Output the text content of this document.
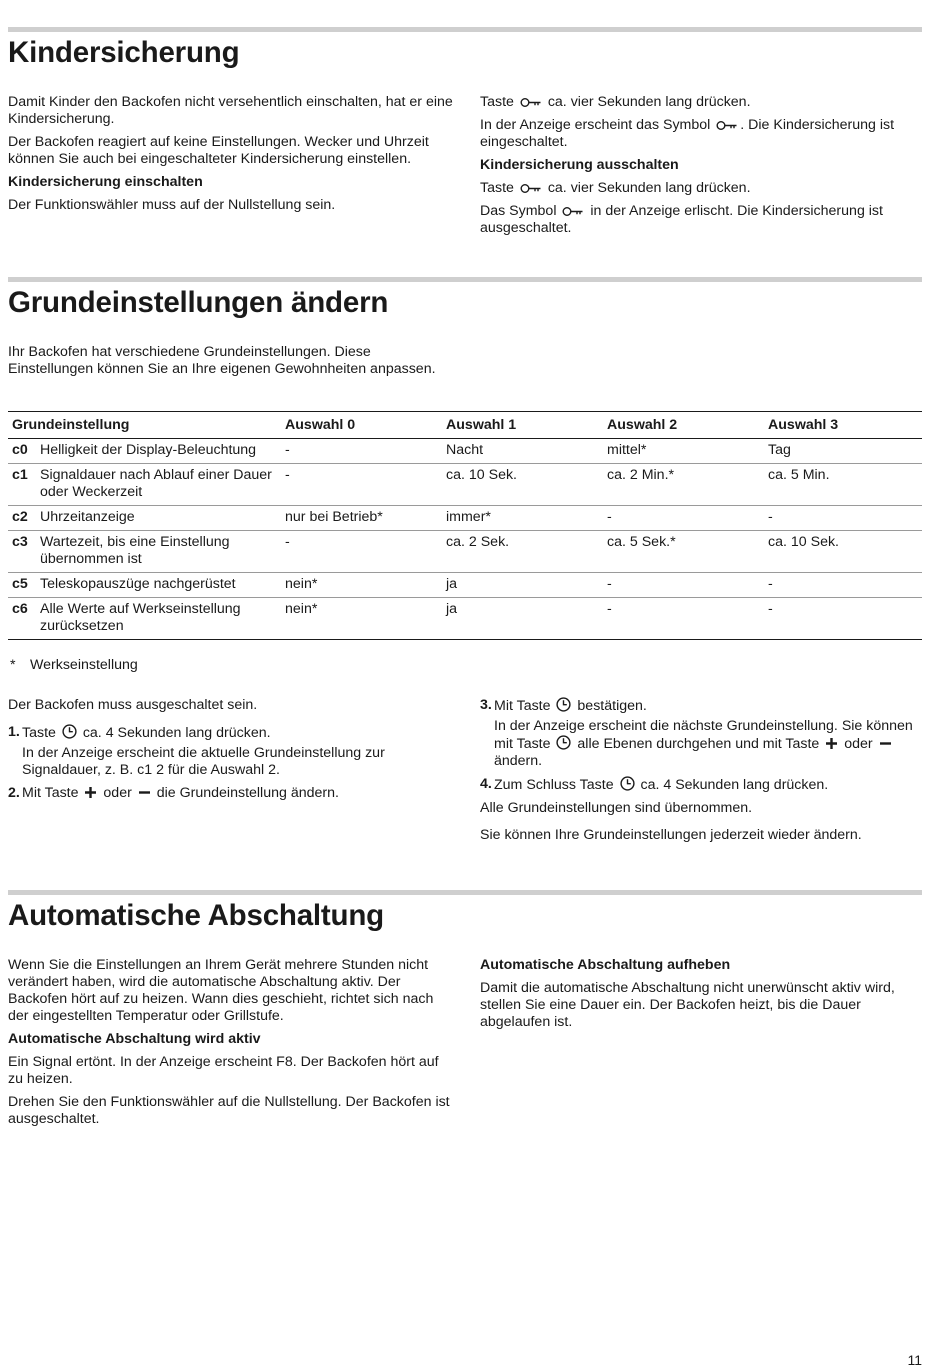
Kindersicherung

Damit Kinder den Backofen nicht versehentlich einschalten, hat er eine Kindersicherung.

Der Backofen reagiert auf keine Einstellungen. Wecker und Uhrzeit können Sie auch bei eingeschalteter Kindersicherung einstellen.

Kindersicherung einschalten

Der Funktionswähler muss auf der Nullstellung sein.

Taste ca. vier Sekunden lang drücken.

In der Anzeige erscheint das Symbol . Die Kindersicherung ist eingeschaltet.

Kindersicherung ausschalten

Taste ca. vier Sekunden lang drücken.

Das Symbol in der Anzeige erlischt. Die Kindersicherung ist ausgeschaltet.

Grundeinstellungen ändern

Ihr Backofen hat verschiedene Grundeinstellungen. Diese Einstellungen können Sie an Ihre eigenen Gewohnheiten anpassen.

Grundeinstellung		Auswahl 0	Auswahl 1	Auswahl 2	Auswahl 3
c0	Helligkeit der Display-Beleuchtung	-	Nacht	mittel*	Tag
c1	Signaldauer nach Ablauf einer Dauer oder Weckerzeit	-	ca. 10 Sek.	ca. 2 Min.*	ca. 5 Min.
c2	Uhrzeitanzeige	nur bei Betrieb*	immer*	-	-
c3	Wartezeit, bis eine Einstellung übernommen ist	-	ca. 2 Sek.	ca. 5 Sek.*	ca. 10 Sek.
c5	Teleskopauszüge nachgerüstet	nein*	ja	-	-
c6	Alle Werte auf Werkseinstellung zurücksetzen	nein*	ja	-	-
* Werkseinstellung

Der Backofen muss ausgeschaltet sein.

1. Taste ca. 4 Sekunden lang drücken.
In der Anzeige erscheint die aktuelle Grundeinstellung zur Signaldauer, z. B. c1 2 für die Auswahl 2.
2. Mit Taste oder die Grundeinstellung ändern.
3. Mit Taste bestätigen.
In der Anzeige erscheint die nächste Grundeinstellung. Sie können mit Taste alle Ebenen durchgehen und mit Taste oder
ändern.
4. Zum Schluss Taste ca. 4 Sekunden lang drücken.

Alle Grundeinstellungen sind übernommen.

Sie können Ihre Grundeinstellungen jederzeit wieder ändern.

Automatische Abschaltung

Wenn Sie die Einstellungen an Ihrem Gerät mehrere Stunden nicht verändert haben, wird die automatische Abschaltung aktiv. Der Backofen hört auf zu heizen. Wann dies geschieht, richtet sich nach der eingestellten Temperatur oder Grillstufe.

Automatische Abschaltung wird aktiv

Ein Signal ertönt. In der Anzeige erscheint F8. Der Backofen hört auf zu heizen.

Drehen Sie den Funktionswähler auf die Nullstellung. Der Backofen ist ausgeschaltet.

Automatische Abschaltung aufheben

Damit die automatische Abschaltung nicht unerwünscht aktiv wird, stellen Sie eine Dauer ein. Der Backofen heizt, bis die Dauer abgelaufen ist.

11
